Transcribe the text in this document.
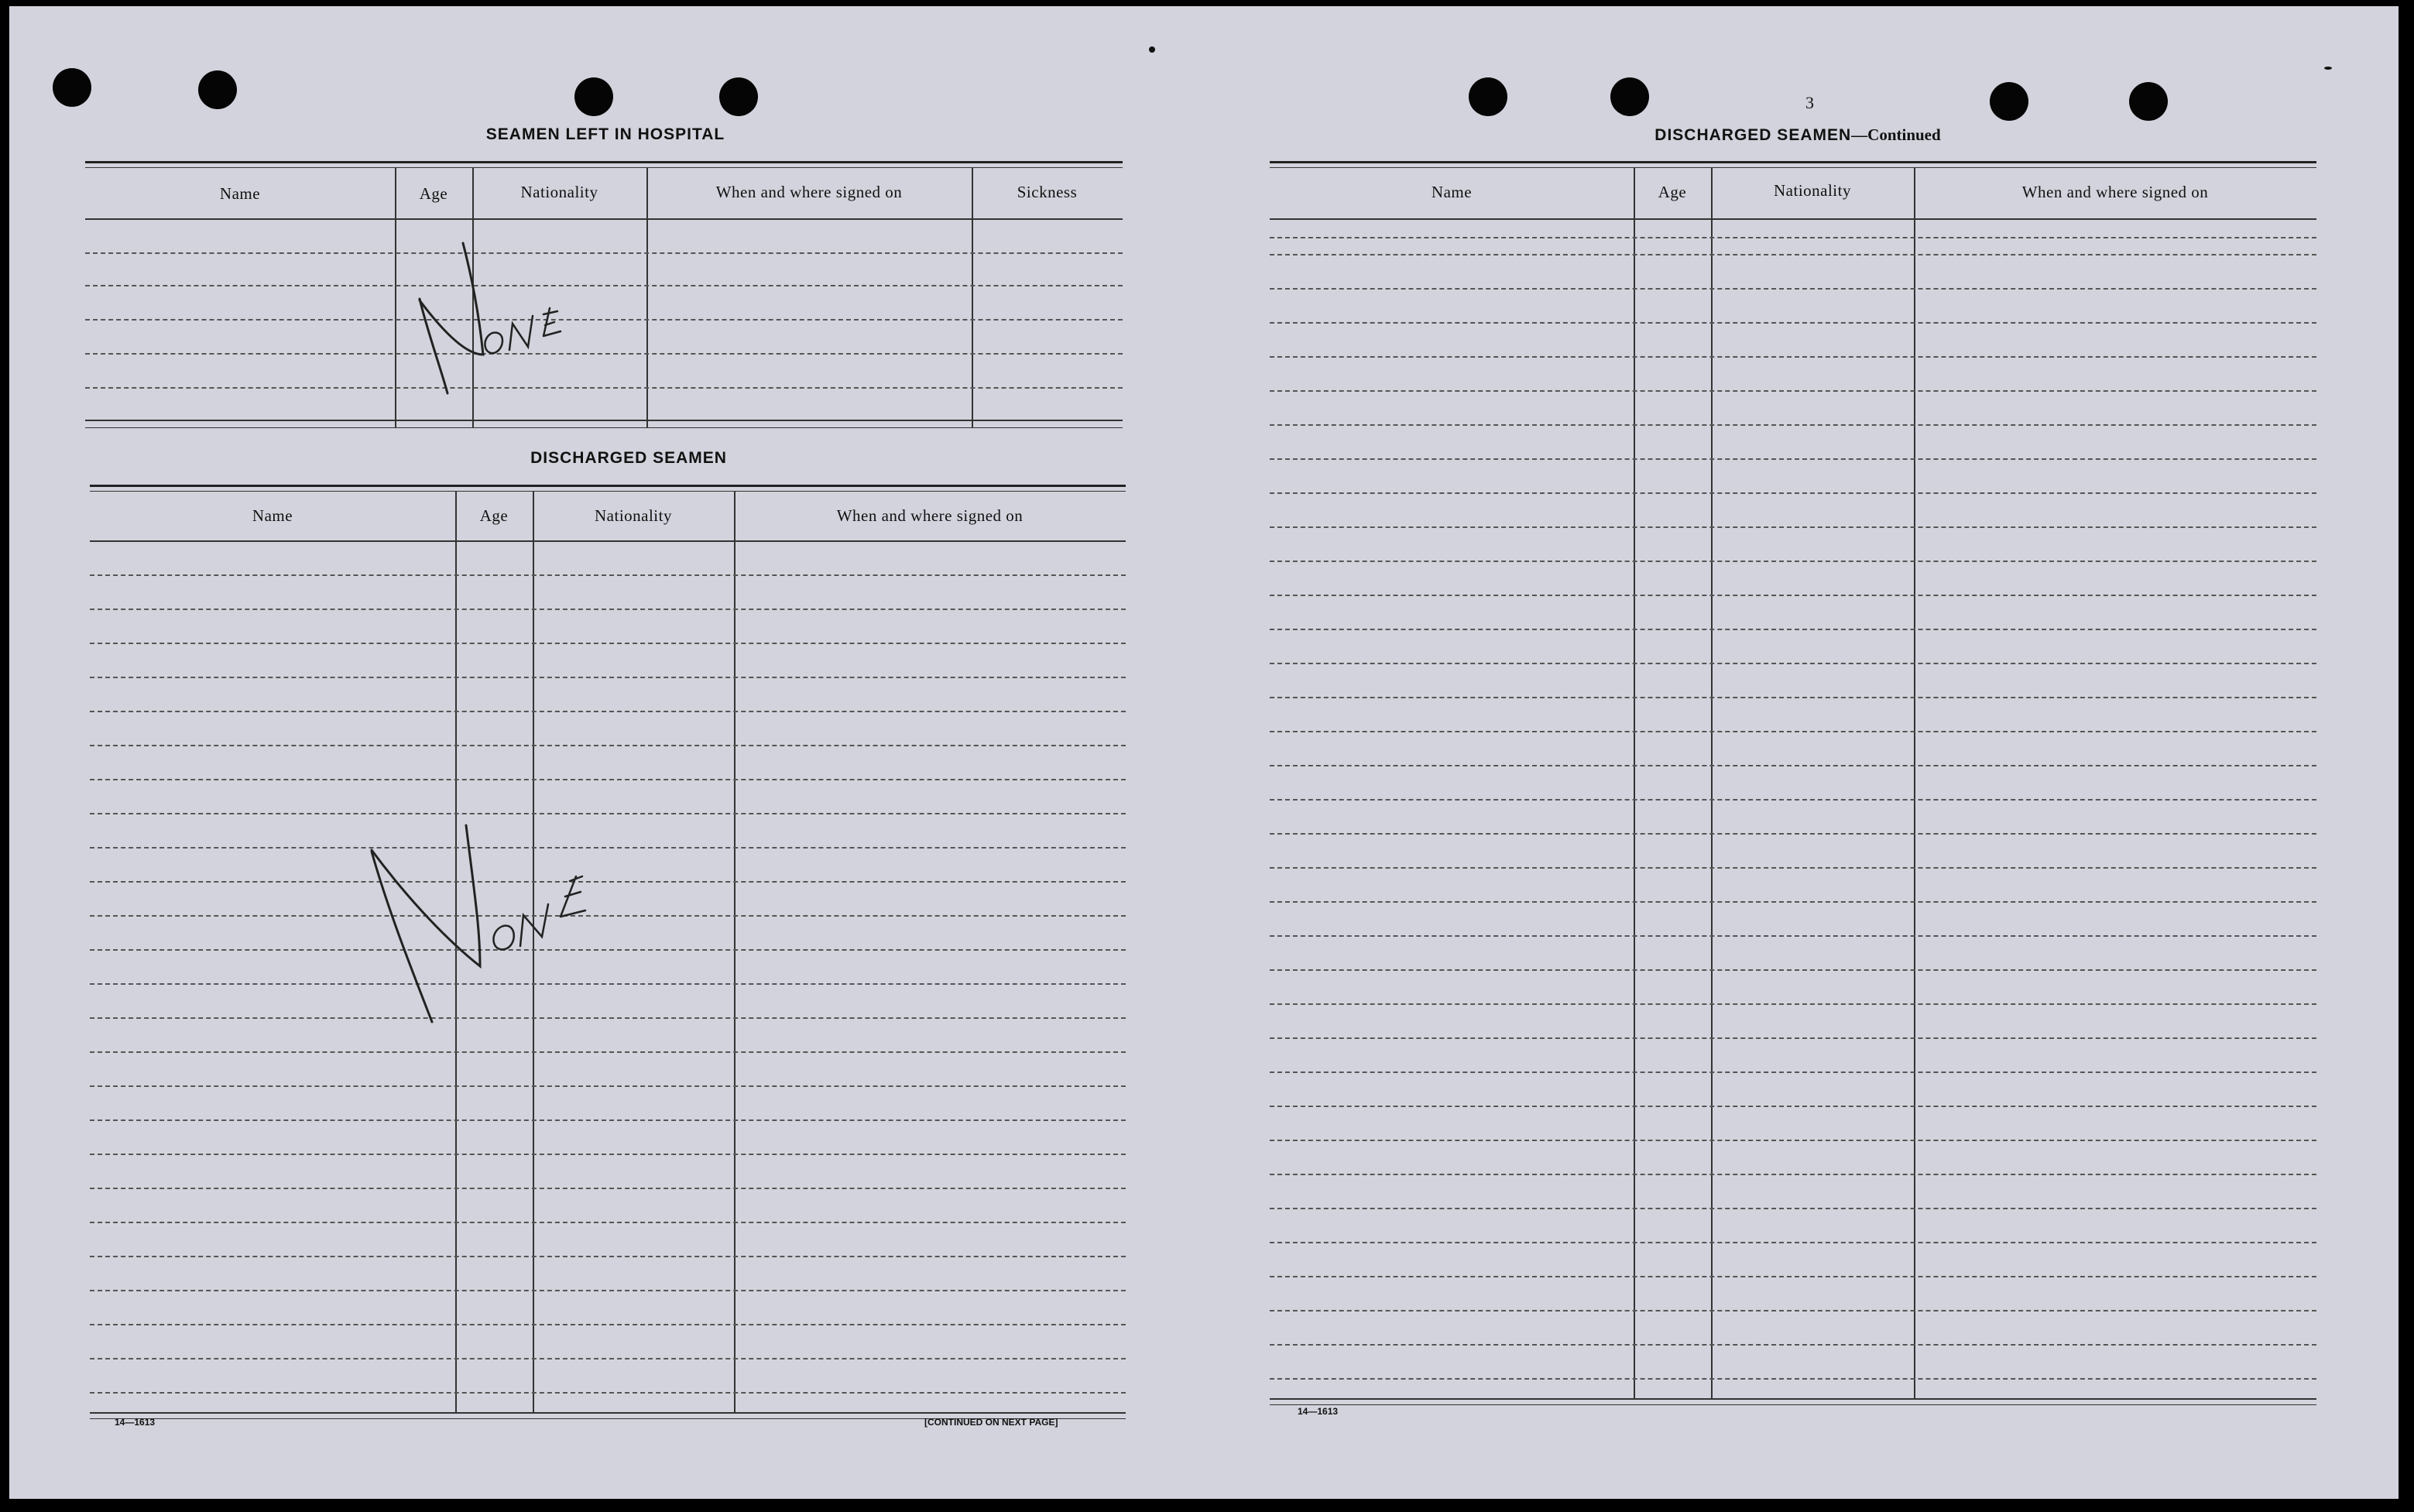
SEAMEN LEFT IN HOSPITAL
Name	Age	Nationality	When and where signed on	Sickness
DISCHARGED SEAMEN
Name	Age	Nationality	When and where signed on
14—1613	[CONTINUED ON NEXT PAGE]
3
DISCHARGED SEAMEN—Continued
Name	Age	Nationality	When and where signed on
14—1613
